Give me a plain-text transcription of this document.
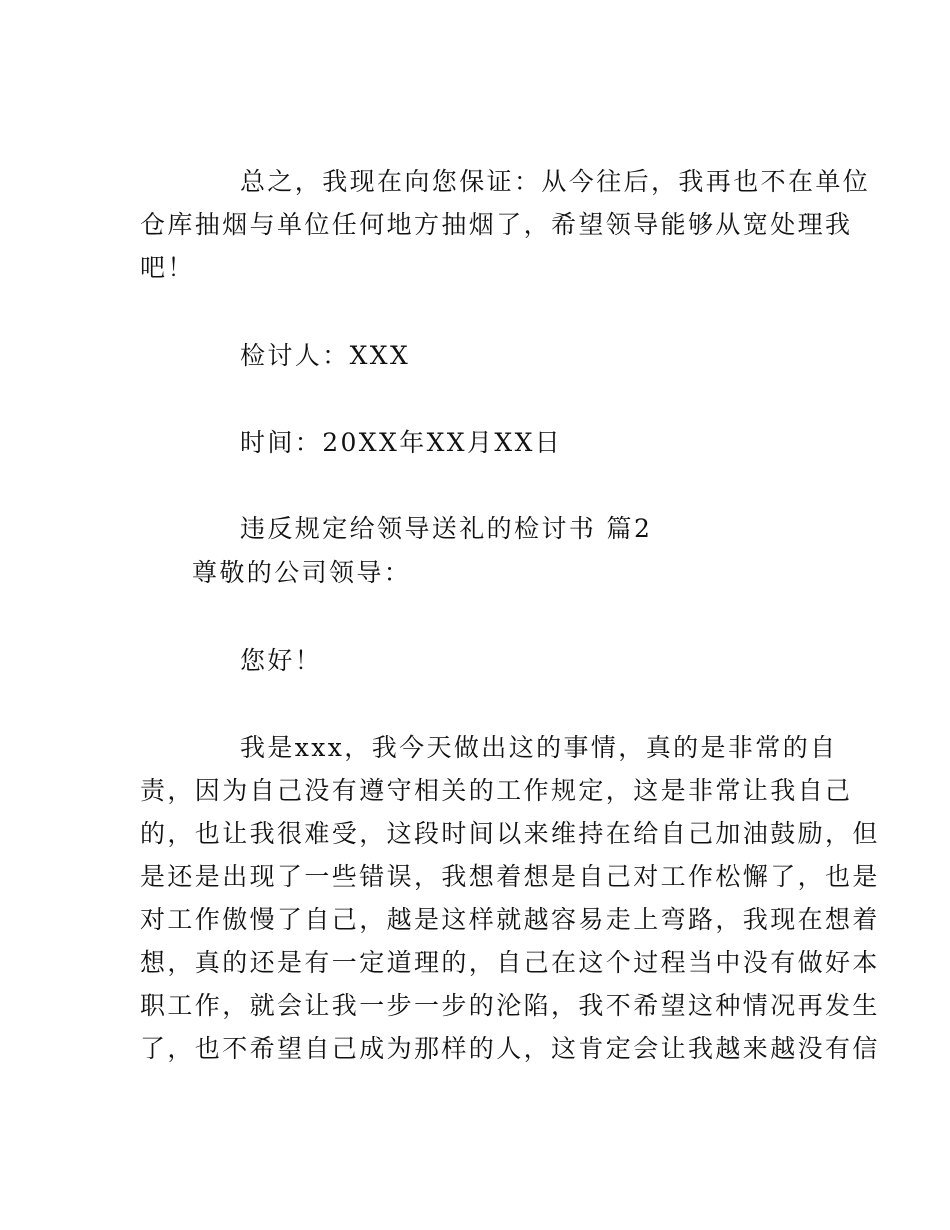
总之，我现在向您保证：从今往后，我再也不在单位
仓库抽烟与单位任何地方抽烟了，希望领导能够从宽处理我
吧！
检讨人：XXX
时间：20XX年XX月XX日
违反规定给领导送礼的检讨书 篇2
尊敬的公司领导：
您好！
我是xxx，我今天做出这的事情，真的是非常的自
责，因为自己没有遵守相关的工作规定，这是非常让我自己
的，也让我很难受，这段时间以来维持在给自己加油鼓励，但
是还是出现了一些错误，我想着想是自己对工作松懈了，也是
对工作傲慢了自己，越是这样就越容易走上弯路，我现在想着
想，真的还是有一定道理的，自己在这个过程当中没有做好本
职工作，就会让我一步一步的沦陷，我不希望这种情况再发生
了，也不希望自己成为那样的人，这肯定会让我越来越没有信
